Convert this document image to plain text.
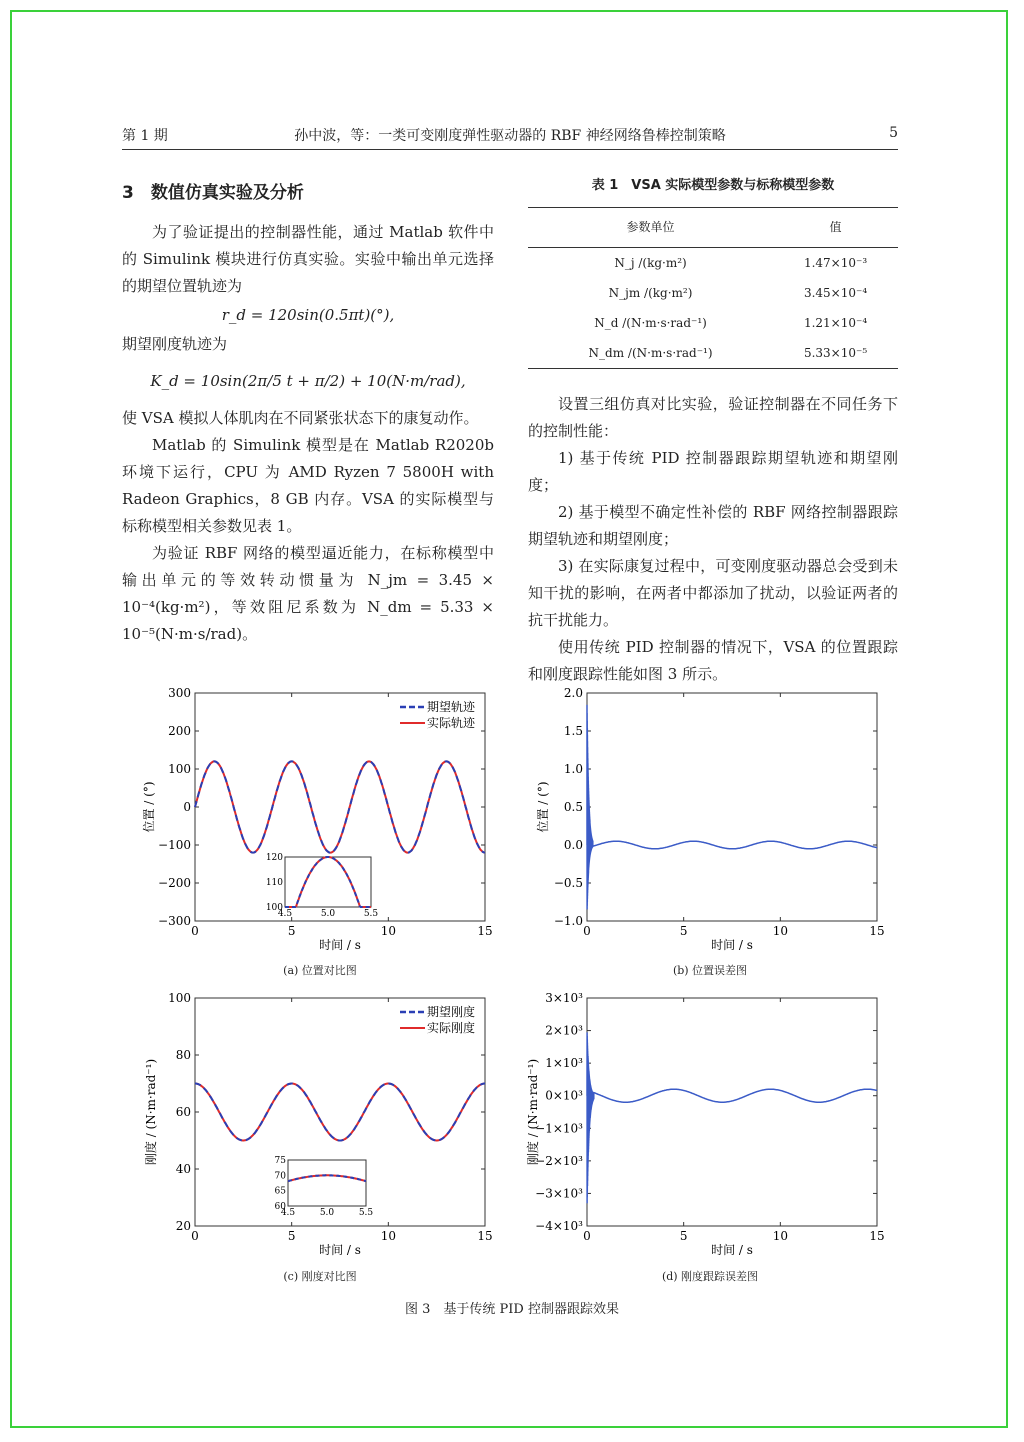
第 1 期	孙中波，等：一类可变刚度弹性驱动器的 RBF 神经网络鲁棒控制策略	5
3　数值仿真实验及分析

为了验证提出的控制器性能，通过 Matlab 软件中的 Simulink 模块进行仿真实验。实验中输出单元选择的期望位置轨迹为

r_d = 120sin(0.5πt)(°),

期望刚度轨迹为

K_d = 10sin(2π/5 t + π/2) + 10(N·m/rad),

使 VSA 模拟人体肌肉在不同紧张状态下的康复动作。

Matlab 的 Simulink 模型是在 Matlab R2020b 环境下运行，CPU 为 AMD Ryzen 7 5800H with Radeon Graphics，8 GB 内存。VSA 的实际模型与标称模型相关参数见表 1。

为验证 RBF 网络的模型逼近能力，在标称模型中输出单元的等效转动惯量为 N_jm = 3.45 × 10⁻⁴(kg·m²)，等效阻尼系数为 N_dm = 5.33 × 10⁻⁵(N·m·s/rad)。

表 1　VSA 实际模型参数与标称模型参数
参数单位	值
N_j /(kg·m²)	1.47×10⁻³
N_jm /(kg·m²)	3.45×10⁻⁴
N_d /(N·m·s·rad⁻¹)	1.21×10⁻⁴
N_dm /(N·m·s·rad⁻¹)	5.33×10⁻⁵

设置三组仿真对比实验，验证控制器在不同任务下的控制性能：

1) 基于传统 PID 控制器跟踪期望轨迹和期望刚度；

2) 基于模型不确定性补偿的 RBF 网络控制器跟踪期望轨迹和期望刚度；

3) 在实际康复过程中，可变刚度驱动器总会受到未知干扰的影响，在两者中都添加了扰动，以验证两者的抗干扰能力。

使用传统 PID 控制器的情况下，VSA 的位置跟踪和刚度跟踪性能如图 3 所示。

0	5	10	15
−300
−200
−100
0
100
200
300
时间 / s
位置 / (°)
期望轨迹
实际轨迹
4.5	5.0	5.5
100
110
120
(a) 位置对比图
0	5	10	15
−1.0
−0.5
0.0
0.5
1.0
1.5
2.0
时间 / s
位置 / (°)
(b) 位置误差图
0	5	10	15
20
40
60
80
100
时间 / s
刚度 / (N·m·rad⁻¹)
期望刚度
实际刚度
4.5	5.0	5.5
60
65
70
75
(c) 刚度对比图
0	5	10	15
−4×10³
−3×10³
−2×10³
−1×10³
0×10³
1×10³
2×10³
3×10³
时间 / s
刚度 / (N·m·rad⁻¹)
(d) 刚度跟踪误差图
图 3　基于传统 PID 控制器跟踪效果
